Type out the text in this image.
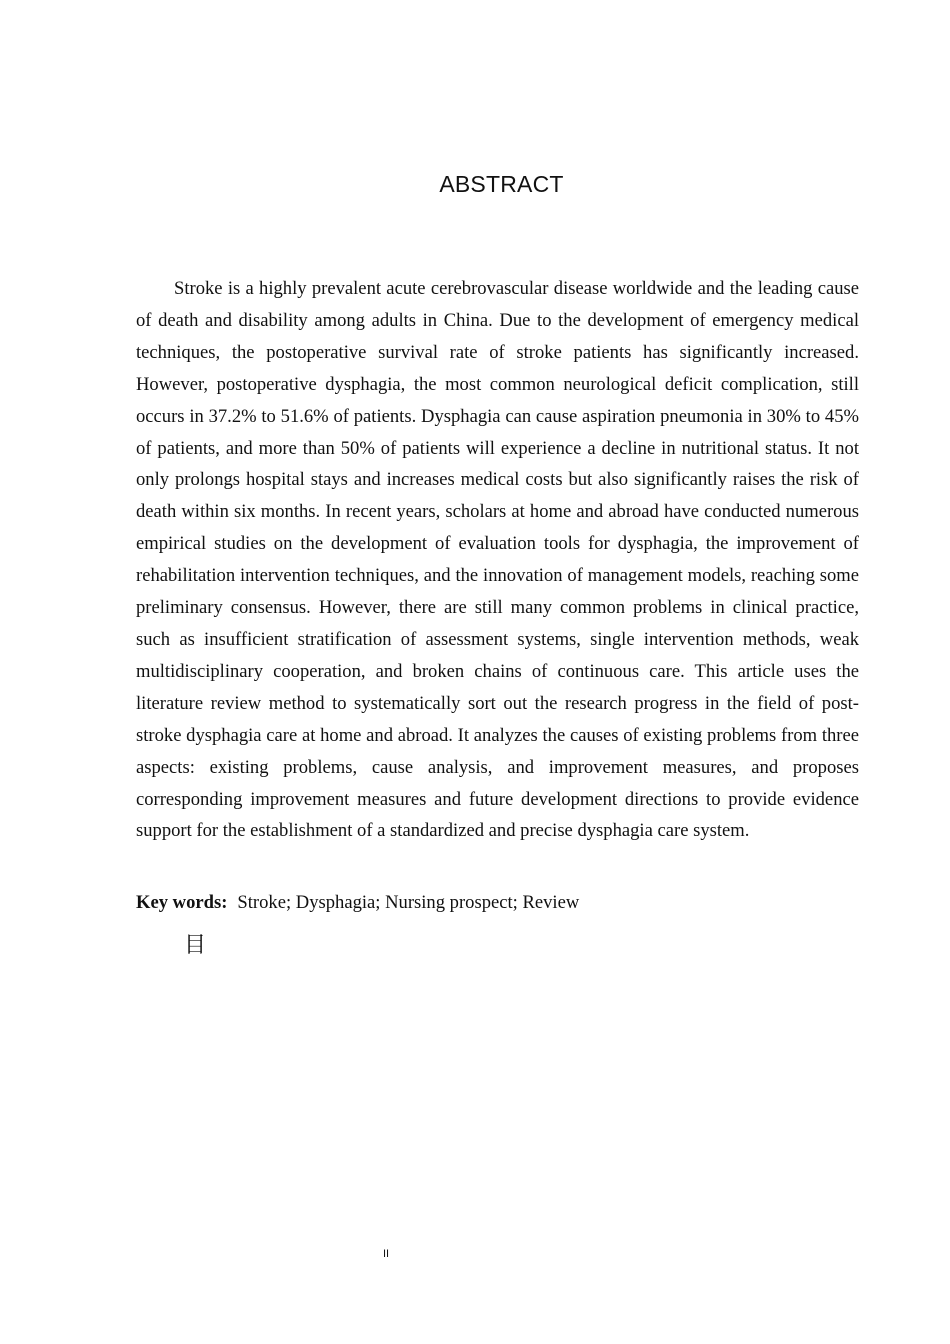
ABSTRACT

Stroke is a highly prevalent acute cerebrovascular disease worldwide and the leading cause of death and disability among adults in China. Due to the development of emergency medical techniques, the postoperative survival rate of stroke patients has significantly increased. However, postoperative dysphagia, the most common neurological deficit complication, still occurs in 37.2% to 51.6% of patients. Dysphagia can cause aspiration pneumonia in 30% to 45% of patients, and more than 50% of patients will experience a decline in nutritional status. It not only prolongs hospital stays and increases medical costs but also significantly raises the risk of death within six months. In recent years, scholars at home and abroad have conducted numerous empirical studies on the development of evaluation tools for dysphagia, the improvement of rehabilitation intervention techniques, and the innovation of management models, reaching some preliminary consensus. However, there are still many common problems in clinical practice, such as insufficient stratification of assessment systems, single intervention methods, weak multidisciplinary cooperation, and broken chains of continuous care. This article uses the literature review method to systematically sort out the research progress in the field of post-stroke dysphagia care at home and abroad. It analyzes the causes of existing problems from three aspects: existing problems, cause analysis, and improvement measures, and proposes corresponding improvement measures and future development directions to provide evidence support for the establishment of a standardized and precise dysphagia care system.

Key words: Stroke; Dysphagia; Nursing prospect; Review

目
II
